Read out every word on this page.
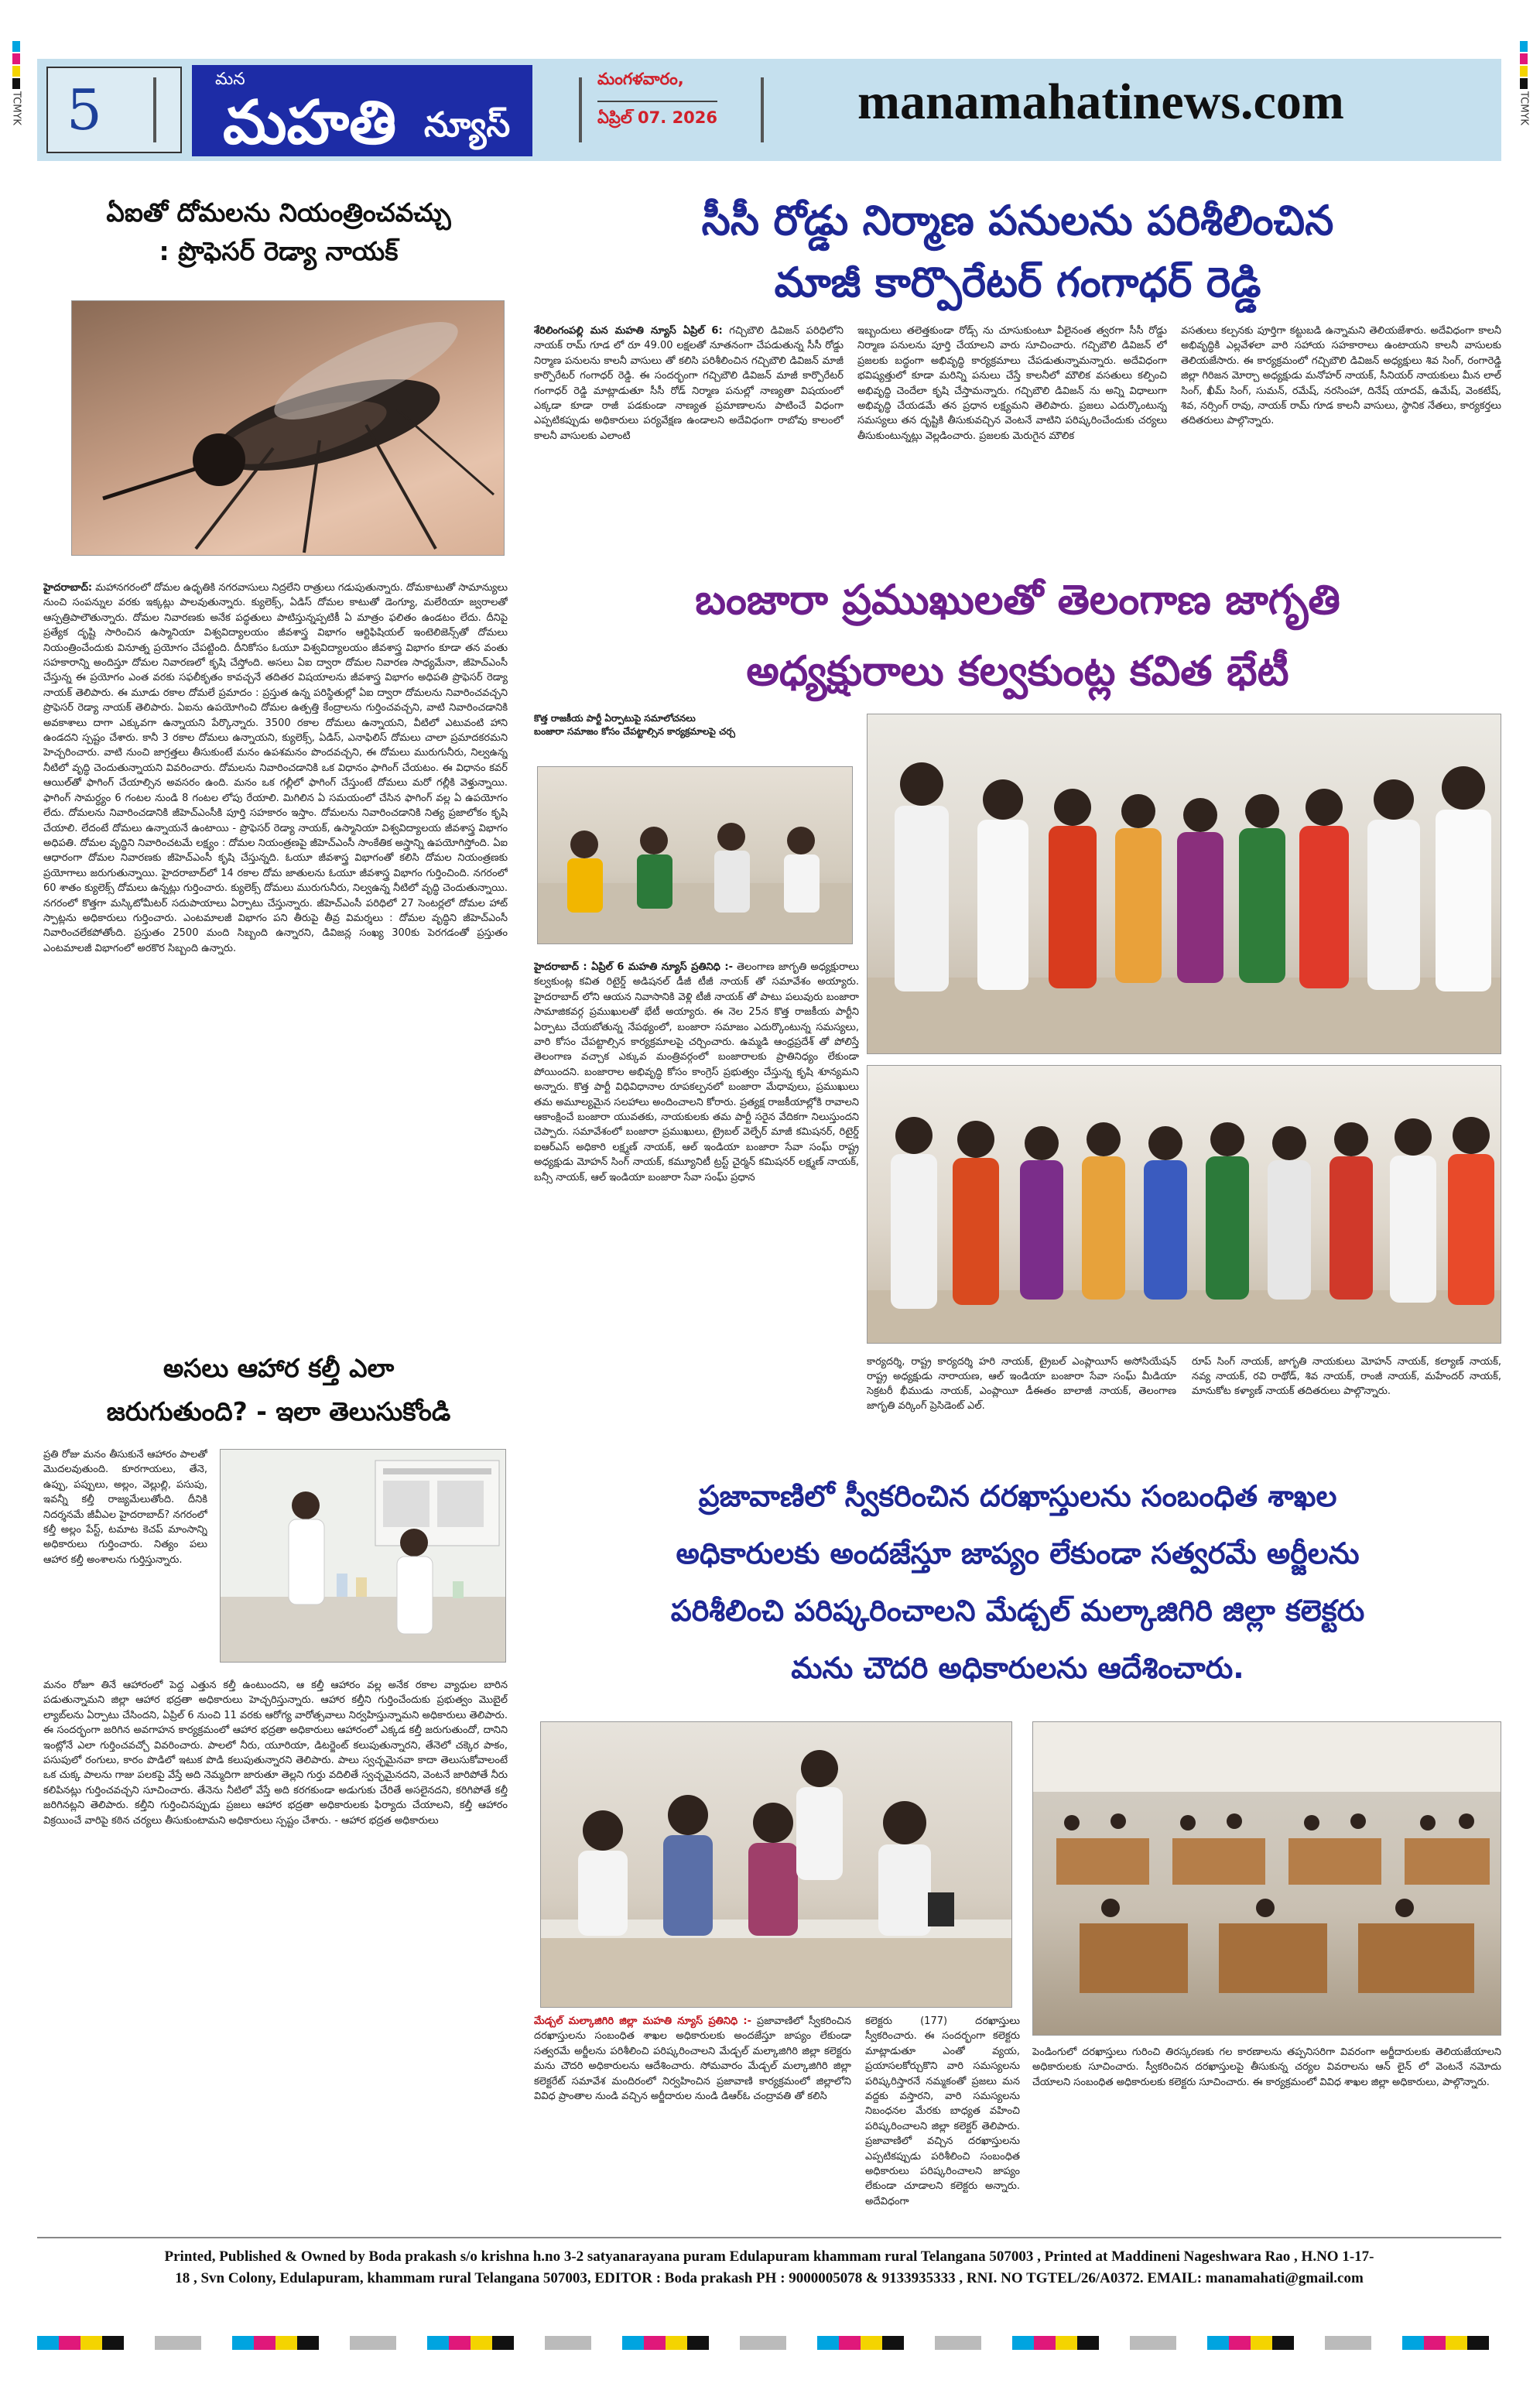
TCMYK	TCMYK
5	మన
మహతి న్యూస్
మంగళవారం,
ఏప్రిల్ 07. 2026	manamahatinews.com
ఏఐతో దోమలను నియంత్రించవచ్చు
: ప్రొఫెసర్ రెడ్యా నాయక్
హైదరాబాద్: మహానగరంలో దోమల ఉధృతికి నగరవాసులు నిద్రలేని రాత్రులు గడుపుతున్నారు. దోమకాటుతో సామాన్యులు నుంచి సంపన్నుల వరకు ఇక్కట్లు పాలవుతున్నారు. క్యులెక్స్, ఏడిస్ దోమల కాటుతో డెంగ్యూ, మలేరియా జ్వరాలతో ఆస్పత్రిపాలౌతున్నారు. దోమల నివారణకు అనేక పద్ధతులు పాటిస్తున్నప్పటికీ ఏ మాత్రం ఫలితం ఉండటం లేదు. దీనిపై ప్రత్యేక దృష్టి సారించిన ఉస్మానియా విశ్వవిద్యాలయం జీవశాస్త్ర విభాగం ఆర్టిఫిషియల్ ఇంటెలిజెన్స్‌తో దోమలు నియంత్రించేందుకు వినూత్న ప్రయోగం చేపట్టింది. దీనికోసం ఓయూ విశ్వవిద్యాలయం జీవశాస్త్ర విభాగం కూడా తన వంతు సహకారాన్ని అందిస్తూ దోమల నివారణలో కృషి చేస్తోంది. అసలు ఏఐ ద్వారా దోమల నివారణ సాధ్యమేనా, జీహెచ్ఎంసీ చేస్తున్న ఈ ప్రయోగం ఎంత వరకు సఫలీకృతం కావచ్చనే తదితర విషయాలను జీవశాస్త్ర విభాగం అధిపతి ప్రొఫెసర్ రెడ్యా నాయక్ తెలిపారు. ఈ మూడు రకాల దోమలే ప్రమాదం : ప్రస్తుత ఉన్న పరిస్థితుల్లో ఏఐ ద్వారా దోమలను నివారించవచ్చని ప్రొఫెసర్ రెడ్యా నాయక్ తెలిపారు. ఏఐను ఉపయోగించి దోమల ఉత్పత్తి కేంద్రాలను గుర్తించవచ్చని, వాటి నివారించడానికి అవకాశాలు దాగా ఎక్కువగా ఉన్నాయని పేర్కొన్నారు. 3500 రకాల దోమలు ఉన్నాయని, వీటిలో ఎటువంటి హాని ఉండదని స్పష్టం చేశారు. కానీ 3 రకాల దోమలు ఉన్నాయని, క్యులెక్స్, ఏడిస్, ఎనాఫిలిస్ దోమలు చాలా ప్రమాదకరమని హెచ్చరించారు. వాటి నుంచి జాగ్రత్తలు తీసుకుంటే మనం ఉపశమనం పొందవచ్చని, ఈ దోమలు మురుగునీరు, నిల్వఉన్న నీటిలో వృద్ధి చెందుతున్నాయని వివరించారు. దోమలను నివారించడానికి ఒక విధానం ఫాగింగ్ చేయటం. ఈ విధానం కవర్ ఆయిల్‌తో ఫాగింగ్ చేయాల్సిన అవసరం ఉంది. మనం ఒక గల్లీలో ఫాగింగ్ చేస్తుంటే దోమలు మరో గల్లీకి వెళ్తున్నాయి. ఫాగింగ్ సామర్ధ్యం 6 గంటల నుండి 8 గంటల లోపు రేయాలి. మిగిలిన ఏ సమయంలో చేసిన ఫాగింగ్ వల్ల ఏ ఉపయోగం లేదు. దోమలను నివారించడానికి జీహెచ్ఎంసీకి పూర్తి సహకారం ఇస్తాం. దోమలను నివారించడానికి నిత్య ప్రజాలోకం కృషి చేయాలి. లేదంటే దోమలు ఉన్నాయనే ఉంటాయి - ప్రొఫెసర్ రెడ్యా నాయక్, ఉస్మానియా విశ్వవిద్యాలయ జీవశాస్త్ర విభాగం అధిపతి. దోమల వృద్ధిని నివారించటమే లక్ష్యం : దోమల నియంత్రణపై జీహెచ్ఎంసీ సాంకేతిక అస్త్రాన్ని ఉపయోగిస్తోంది. ఏఐ ఆధారంగా దోమల నివారణకు జీహెచ్ఎంసీ కృషి చేస్తున్నది. ఓయూ జీవశాస్త్ర విభాగంతో కలిసి దోమల నియంత్రణకు ప్రయోగాలు జరుగుతున్నాయి. హైదరాబాద్‌లో 14 రకాల దోమ జాతులను ఓయూ జీవశాస్త్ర విభాగం గుర్తించింది. నగరంలో 60 శాతం క్యులెక్స్ దోమలు ఉన్నట్లు గుర్తించారు. క్యులెక్స్ దోమలు మురుగునీరు, నిల్వఉన్న నీటిలో వృద్ధి చెందుతున్నాయి. నగరంలో కొత్తగా మస్కిటోమీటర్ సదుపాయాలు ఏర్పాటు చేస్తున్నారు. జీహెచ్ఎంసీ పరిధిలో 27 సెంటర్లలో దోమల హాట్ స్పాట్లను అధికారులు గుర్తించారు. ఎంటమాలజీ విభాగం పని తీరుపై తీవ్ర విమర్శలు : దోమల వృద్ధిని జీహెచ్ఎంసీ నివారించలేకపోతోంది. ప్రస్తుతం 2500 మంది సిబ్బంది ఉన్నారని, డివిజన్ల సంఖ్య 300కు పెరగడంతో ప్రస్తుతం ఎంటమాలజీ విభాగంలో అరకొర సిబ్బంది ఉన్నారు.
అసలు ఆహార కల్తీ ఎలా
జరుగుతుంది? - ఇలా తెలుసుకోండి
ప్రతి రోజు మనం తీసుకునే ఆహారం పాలతో మొదలవుతుంది. కూరగాయలు, తేనె, ఉప్పు, పప్పులు, అల్లం, వెల్లుల్లి, పసుపు, ఇవన్నీ కల్తీ రాజ్యమేలుతోంది. దీనికి నిదర్శనమే జీవీఎల హైదరాబాద్? నగరంలో కల్తీ అల్లం పేస్ట్, టమాట కెచప్ మాంసాన్ని అధికారులు గుర్తించారు. నిత్యం పలు ఆహార కల్తీ అంశాలను గుర్తిస్తున్నారు.
మనం రోజూ తినే ఆహారంలో పెద్ద ఎత్తున కల్తీ ఉంటుందని, ఆ కల్తీ ఆహారం వల్ల అనేక రకాల వ్యాధుల బారిన పడుతున్నామని జిల్లా ఆహార భద్రతా అధికారులు హెచ్చరిస్తున్నారు. ఆహార కల్తీని గుర్తించేందుకు ప్రభుత్వం మొబైల్ ల్యాబ్‌లను ఏర్పాటు చేసిందని, ఏప్రిల్ 6 నుంచి 11 వరకు ఆరోగ్య వారోత్సవాలు నిర్వహిస్తున్నామని అధికారులు తెలిపారు. ఈ సందర్భంగా జరిగిన అవగాహన కార్యక్రమంలో ఆహార భద్రతా అధికారులు ఆహారంలో ఎక్కడ కల్తీ జరుగుతుందో, దానిని ఇంట్లోనే ఎలా గుర్తించవచ్చో వివరించారు. పాలలో నీరు, యూరియా, డిటర్జెంట్ కలుపుతున్నారని, తేనెలో చక్కెర పాకం, పసుపులో రంగులు, కారం పొడిలో ఇటుక పొడి కలుపుతున్నారని తెలిపారు. పాలు స్వచ్ఛమైనవా కాదా తెలుసుకోవాలంటే ఒక చుక్క పాలను గాజు పలకపై వేస్తే అది నెమ్మదిగా జారుతూ తెల్లని గుర్తు వదిలితే స్వచ్ఛమైనదని, వెంటనే జారిపోతే నీరు కలిపినట్లు గుర్తించవచ్చని సూచించారు. తేనెను నీటిలో వేస్తే అది కరగకుండా అడుగుకు చేరితే అసలైనదని, కరిగిపోతే కల్తీ జరిగినట్లని తెలిపారు. కల్తీని గుర్తించినప్పుడు ప్రజలు ఆహార భద్రతా అధికారులకు ఫిర్యాదు చేయాలని, కల్తీ ఆహారం విక్రయించే వారిపై కఠిన చర్యలు తీసుకుంటామని అధికారులు స్పష్టం చేశారు. - ఆహార భద్రత అధికారులు
సీసీ రోడ్డు నిర్మాణ పనులను పరిశీలించిన
మాజీ కార్పొరేటర్ గంగాధర్ రెడ్డి
శేరిలింగంపల్లి మన మహతి న్యూస్ ఏప్రిల్ 6: గచ్చిబౌలి డివిజన్ పరిధిలోని నాయక్ రామ్ గూడ లో రూ 49.00 లక్షలతో నూతనంగా చేపడుతున్న సీసీ రోడ్డు నిర్మాణ పనులను కాలనీ వాసులు తో కలిసి పరిశీలించిన గచ్చిబౌలి డివిజన్ మాజీ కార్పొరేటర్ గంగాధర్ రెడ్డి. ఈ సందర్భంగా గచ్చిబౌలి డివిజన్ మాజీ కార్పొరేటర్ గంగాధర్ రెడ్డి మాట్లాడుతూ సీసీ రోడ్ నిర్మాణ పనుల్లో నాణ్యతా విషయంలో ఎక్కడా కూడా రాజీ పడకుండా నాణ్యత ప్రమాణాలను పాటించే విధంగా ఎప్పటికప్పుడు అధికారులు పర్యవేక్షణ ఉండాలని అదేవిధంగా రాబోవు కాలంలో కాలనీ వాసులకు ఎలాంటి
ఇబ్బందులు తలెత్తకుండా రోడ్స్ ను చూసుకుంటూ వీలైనంత త్వరగా సీసీ రోడ్డు నిర్మాణ పనులను పూర్తి చేయాలని వారు సూచించారు. గచ్చిబౌలి డివిజన్ లో ప్రజలకు బద్ధంగా అభివృద్ధి కార్యక్రమాలు చేపడుతున్నామన్నారు. అదేవిధంగా భవిష్యత్తులో కూడా మరిన్ని పనులు చేస్తే కాలనీలో మౌలిక వసతులు కల్పించి అభివృద్ధి చెందేలా కృషి చేస్తామన్నారు. గచ్చిబౌలి డివిజన్ ను అన్ని విధాలుగా అభివృద్ధి చేయడమే తన ప్రధాన లక్ష్యమని తెలిపారు. ప్రజలు ఎదుర్కొంటున్న సమస్యలు తన దృష్టికి తీసుకువచ్చిన వెంటనే వాటిని పరిష్కరించేందుకు చర్యలు తీసుకుంటున్నట్లు వెల్లడించారు. ప్రజలకు మెరుగైన మౌలిక
వసతులు కల్పనకు పూర్తిగా కట్టుబడి ఉన్నామని తెలియజేశారు. అదేవిధంగా కాలనీ అభివృద్ధికి ఎల్లవేళలా వారి సహాయ సహకారాలు ఉంటాయని కాలనీ వాసులకు తెలియజేసారు. ఈ కార్యక్రమంలో గచ్చిబౌలి డివిజన్ అధ్యక్షులు శివ సింగ్, రంగారెడ్డి జిల్లా గిరిజన మోర్చా అధ్యక్షుడు మనోహర్ నాయక్, సీనియర్ నాయకులు మీన లాల్ సింగ్, ఖీమ్ సింగ్, సుమన్, రమేష్, నరసింహా, దినేష్ యాదవ్, ఉమేష్, వెంకటేష్, శివ, నర్సింగ్ రావు, నాయక్ రామ్ గూడ కాలనీ వాసులు, స్థానిక నేతలు, కార్యకర్తలు తదితరులు పాల్గొన్నారు.
బంజారా ప్రముఖులతో తెలంగాణ జాగృతి
అధ్యక్షురాలు కల్వకుంట్ల కవిత భేటీ
కొత్త రాజకీయ పార్టీ ఏర్పాటుపై సమాలోచనలు
బంజారా సమాజం కోసం చేపట్టాల్సిన కార్యక్రమాలపై చర్చ
హైదరాబాద్ : ఏప్రిల్ 6 మహతి న్యూస్ ప్రతినిధి :- తెలంగాణ జాగృతి అధ్యక్షురాలు కల్వకుంట్ల కవిత రిటైర్డ్ అడిషనల్ డీజీ టీజీ నాయక్ తో సమావేశం అయ్యారు. హైదరాబాద్ లోని ఆయన నివాసానికి వెళ్లి టీజీ నాయక్ తో పాటు పలువురు బంజారా సామాజికవర్గ ప్రముఖులతో భేటీ అయ్యారు. ఈ నెల 25న కొత్త రాజకీయ పార్టీని ఏర్పాటు చేయబోతున్న నేపథ్యంలో, బంజారా సమాజం ఎదుర్కొంటున్న సమస్యలు, వారి కోసం చేపట్టాల్సిన కార్యక్రమాలపై చర్చించారు. ఉమ్మడి ఆంధ్రప్రదేశ్ తో పోలిస్తే తెలంగాణ వచ్చాక ఎక్కువ మంత్రివర్గంలో బంజారాలకు ప్రాతినిధ్యం లేకుండా పోయిందని. బంజారాల అభివృద్ధి కోసం కాంగ్రెస్ ప్రభుత్వం చేస్తున్న కృషి శూన్యమని అన్నారు. కొత్త పార్టీ విధివిధానాల రూపకల్పనలో బంజారా మేధావులు, ప్రముఖులు తమ అమూల్యమైన సలహాలు అందించాలని కోరారు. ప్రత్యక్ష రాజకీయాల్లోకి రావాలని ఆకాంక్షించే బంజారా యువతకు, నాయకులకు తమ పార్టీ సరైన వేదికగా నిలుస్తుందని చెప్పారు. సమావేశంలో బంజారా ప్రముఖులు, ట్రైబల్ వెల్ఫేర్ మాజీ కమిషనర్, రిటైర్డ్ ఐఆర్ఎస్ అధికారి లక్ష్మణ్ నాయక్, ఆల్ ఇండియా బంజారా సేవా సంఘ్ రాష్ట్ర అధ్యక్షుడు మోహన్ సింగ్ నాయక్, కమ్యూనిటీ ట్రస్ట్ చైర్మన్ కమిషనర్ లక్ష్మణ్ నాయక్, బన్సీ నాయక్, ఆల్ ఇండియా బంజారా సేవా సంఘ్ ప్రధాన
కార్యదర్శి, రాష్ట్ర కార్యదర్శి హరి నాయక్, ట్రైబల్ ఎంప్లాయీస్ అసోసియేషన్ రాష్ట్ర అధ్యక్షుడు నారాయణ, ఆల్ ఇండియా బంజారా సేవా సంఘ్ మీడియా సెక్రటరీ భీముడు నాయక్, ఎంప్లాయీ డీఈతం బాలాజీ నాయక్, తెలంగాణ జాగృతి వర్కింగ్ ప్రెసిడెంట్ ఎల్.
రూప్ సింగ్ నాయక్, జాగృతి నాయకులు మోహన్ నాయక్, కల్యాణ్ నాయక్, నవ్య నాయక్, రవి రాథోడ్, శివ నాయక్, రాంజీ నాయక్, మహేందర్ నాయక్, మానుకోట కళ్యాణ్ నాయక్ తదితరులు పాల్గొన్నారు.
ప్రజావాణిలో స్వీకరించిన దరఖాస్తులను సంబంధిత శాఖల
అధికారులకు అందజేస్తూ జాప్యం లేకుండా సత్వరమే అర్జీలను
పరిశీలించి పరిష్కరించాలని మేడ్చల్ మల్కాజిగిరి జిల్లా కలెక్టరు
మను చౌదరి అధికారులను ఆదేశించారు.
మేడ్చల్ మల్కాజిగిరి జిల్లా మహతి న్యూస్ ప్రతినిధి :- ప్రజావాణిలో స్వీకరించిన దరఖాస్తులను సంబంధిత శాఖల అధికారులకు అందజేస్తూ జాప్యం లేకుండా సత్వరమే అర్జీలను పరిశీలించి పరిష్కరించాలని మేడ్చల్ మల్కాజిగిరి జిల్లా కలెక్టరు మను చౌదరి అధికారులను ఆదేశించారు. సోమవారం మేడ్చల్ మల్కాజిగిరి జిల్లా కలెక్టరేట్ సమావేశ మందిరంలో నిర్వహించిన ప్రజావాణి కార్యక్రమంలో జిల్లాలోని వివిధ ప్రాంతాల నుండి వచ్చిన అర్జీదారుల నుండి డిఆర్ఓ చంద్రావతి తో కలిసి
కలెక్టరు (177) దరఖాస్తులు స్వీకరించారు. ఈ సందర్భంగా కలెక్టరు మాట్లాడుతూ ఎంతో వ్యయ, ప్రయాసలకోర్చుకొని వారి సమస్యలను పరిష్కరిస్తారనే నమ్మకంతో ప్రజలు మన వద్దకు వస్తారని, వారి సమస్యలను నిబంధనల మేరకు బాధ్యత వహించి పరిష్కరించాలని జిల్లా కలెక్టర్ తెలిపారు. ప్రజావాణిలో వచ్చిన దరఖాస్తులను ఎప్పటికప్పుడు పరిశీలించి సంబంధిత అధికారులు పరిష్కరించాలని జాప్యం లేకుండా చూడాలని కలెక్టరు అన్నారు. అదేవిధంగా
పెండింగులో దరఖాస్తులు గురించి తిరస్కరణకు గల కారణాలను తప్పనిసరిగా వివరంగా అర్జీదారులకు తెలియజేయాలని అధికారులకు సూచించారు. స్వీకరించిన దరఖాస్తులపై తీసుకున్న చర్యల వివరాలను ఆన్ లైన్ లో వెంటనే నమోదు చేయాలని సంబంధిత అధికారులకు కలెక్టరు సూచించారు. ఈ కార్యక్రమంలో వివిధ శాఖల జిల్లా అధికారులు, పాల్గొన్నారు.
Printed, Published & Owned by Boda prakash s/o krishna h.no 3-2 satyanarayana puram Edulapuram khammam rural Telangana 507003 , Printed at Maddineni Nageshwara Rao , H.NO 1-17-
18 , Svn Colony, Edulapuram, khammam rural Telangana 507003, EDITOR : Boda prakash PH : 9000005078 & 9133935333 , RNI. NO TGTEL/26/A0372. EMAIL: manamahati@gmail.com
